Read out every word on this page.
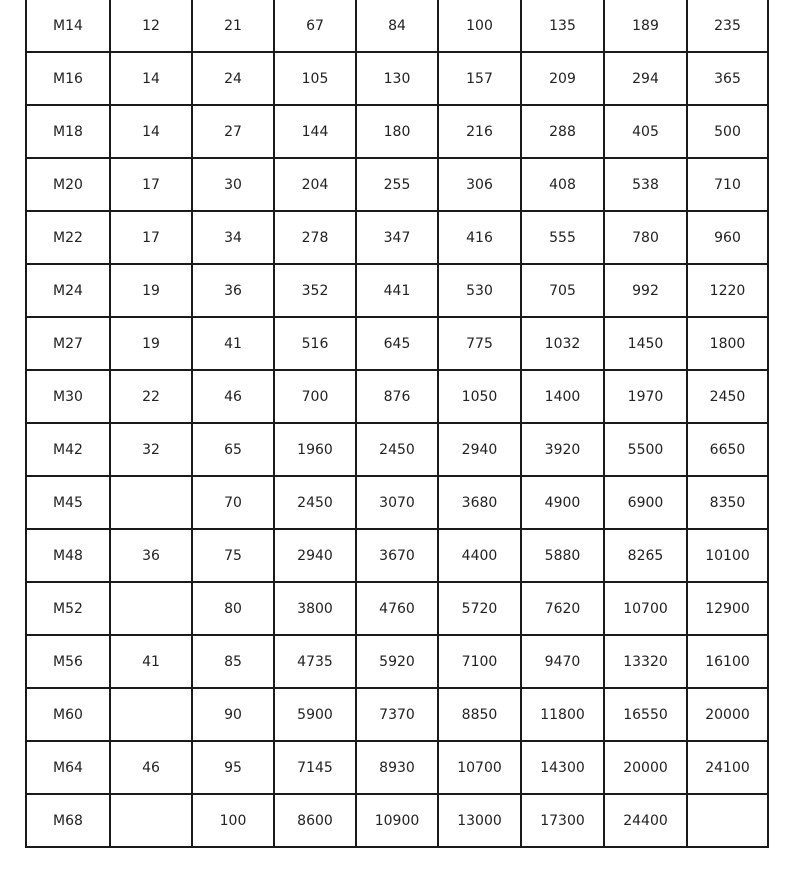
M14	12	21	67	84	100	135	189	235
M16	14	24	105	130	157	209	294	365
M18	14	27	144	180	216	288	405	500
M20	17	30	204	255	306	408	538	710
M22	17	34	278	347	416	555	780	960
M24	19	36	352	441	530	705	992	1220
M27	19	41	516	645	775	1032	1450	1800
M30	22	46	700	876	1050	1400	1970	2450
M42	32	65	1960	2450	2940	3920	5500	6650
M45		70	2450	3070	3680	4900	6900	8350
M48	36	75	2940	3670	4400	5880	8265	10100
M52		80	3800	4760	5720	7620	10700	12900
M56	41	85	4735	5920	7100	9470	13320	16100
M60		90	5900	7370	8850	11800	16550	20000
M64	46	95	7145	8930	10700	14300	20000	24100
M68		100	8600	10900	13000	17300	24400	
